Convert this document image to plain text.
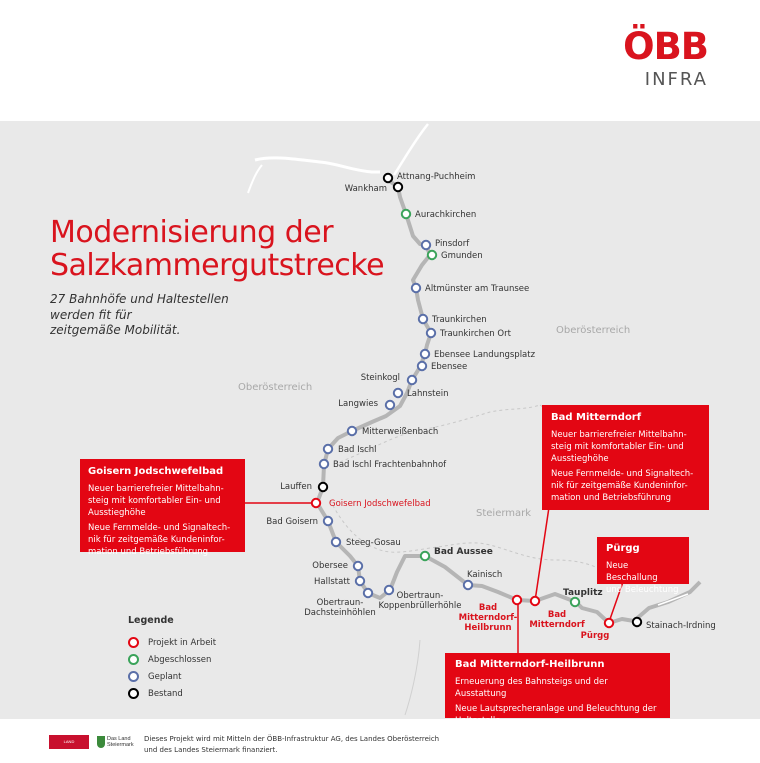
ÖBB
INFRA
Attnang-Puchheim
Wankham
Aurachkirchen
Pinsdorf
Gmunden
Altmünster am Traunsee
Traunkirchen
Traunkirchen Ort
Ebensee Landungsplatz
Ebensee
Steinkogl
Lahnstein
Langwies
Mitterweißenbach
Bad Ischl
Bad Ischl Frachtenbahnhof
Lauffen
Goisern Jodschwefelbad
Bad Goisern
Steeg-Gosau
Obersee
Hallstatt
Obertraun-Dachsteinhöhlen
Obertraun-Koppenbrüllerhöhle
Bad Aussee
Kainisch
Tauplitz
Stainach-Irdning
Bad Mitterndorf-Heilbrunn
Bad Mitterndorf
Pürgg
Modernisierung der
Salzkammergutstrecke
27 Bahnhöfe und Haltestellen
werden fit für
zeitgemäße Mobilität.
Oberösterreich
Oberösterreich
Steiermark
Goisern Jodschwefelbad
Neuer barrierefreier Mittelbahn-
steig mit komfortabler Ein- und
Ausstieghöhe
Neue Fernmelde- und Signaltech-
nik für zeitgemäße Kundeninfor-
mation und Betriebsführung
Bad Mitterndorf
Neuer barrierefreier Mittelbahn-
steig mit komfortabler Ein- und
Ausstieghöhe
Neue Fernmelde- und Signaltech-
nik für zeitgemäße Kundeninfor-
mation und Betriebsführung
Pürgg
Neue Beschallung
und Beleuchtung
Bad Mitterndorf-Heilbrunn
Erneuerung des Bahnsteigs und der Ausstattung
Neue Lautsprecheranlage und Beleuchtung der
Haltestelle
Legende
Projekt in Arbeit
Abgeschlossen
Geplant
Bestand
LAND OBERÖSTERREICH
Das Land
Steiermark
Dieses Projekt wird mit Mitteln der ÖBB-Infrastruktur AG, des Landes Oberösterreich
und des Landes Steiermark finanziert.
